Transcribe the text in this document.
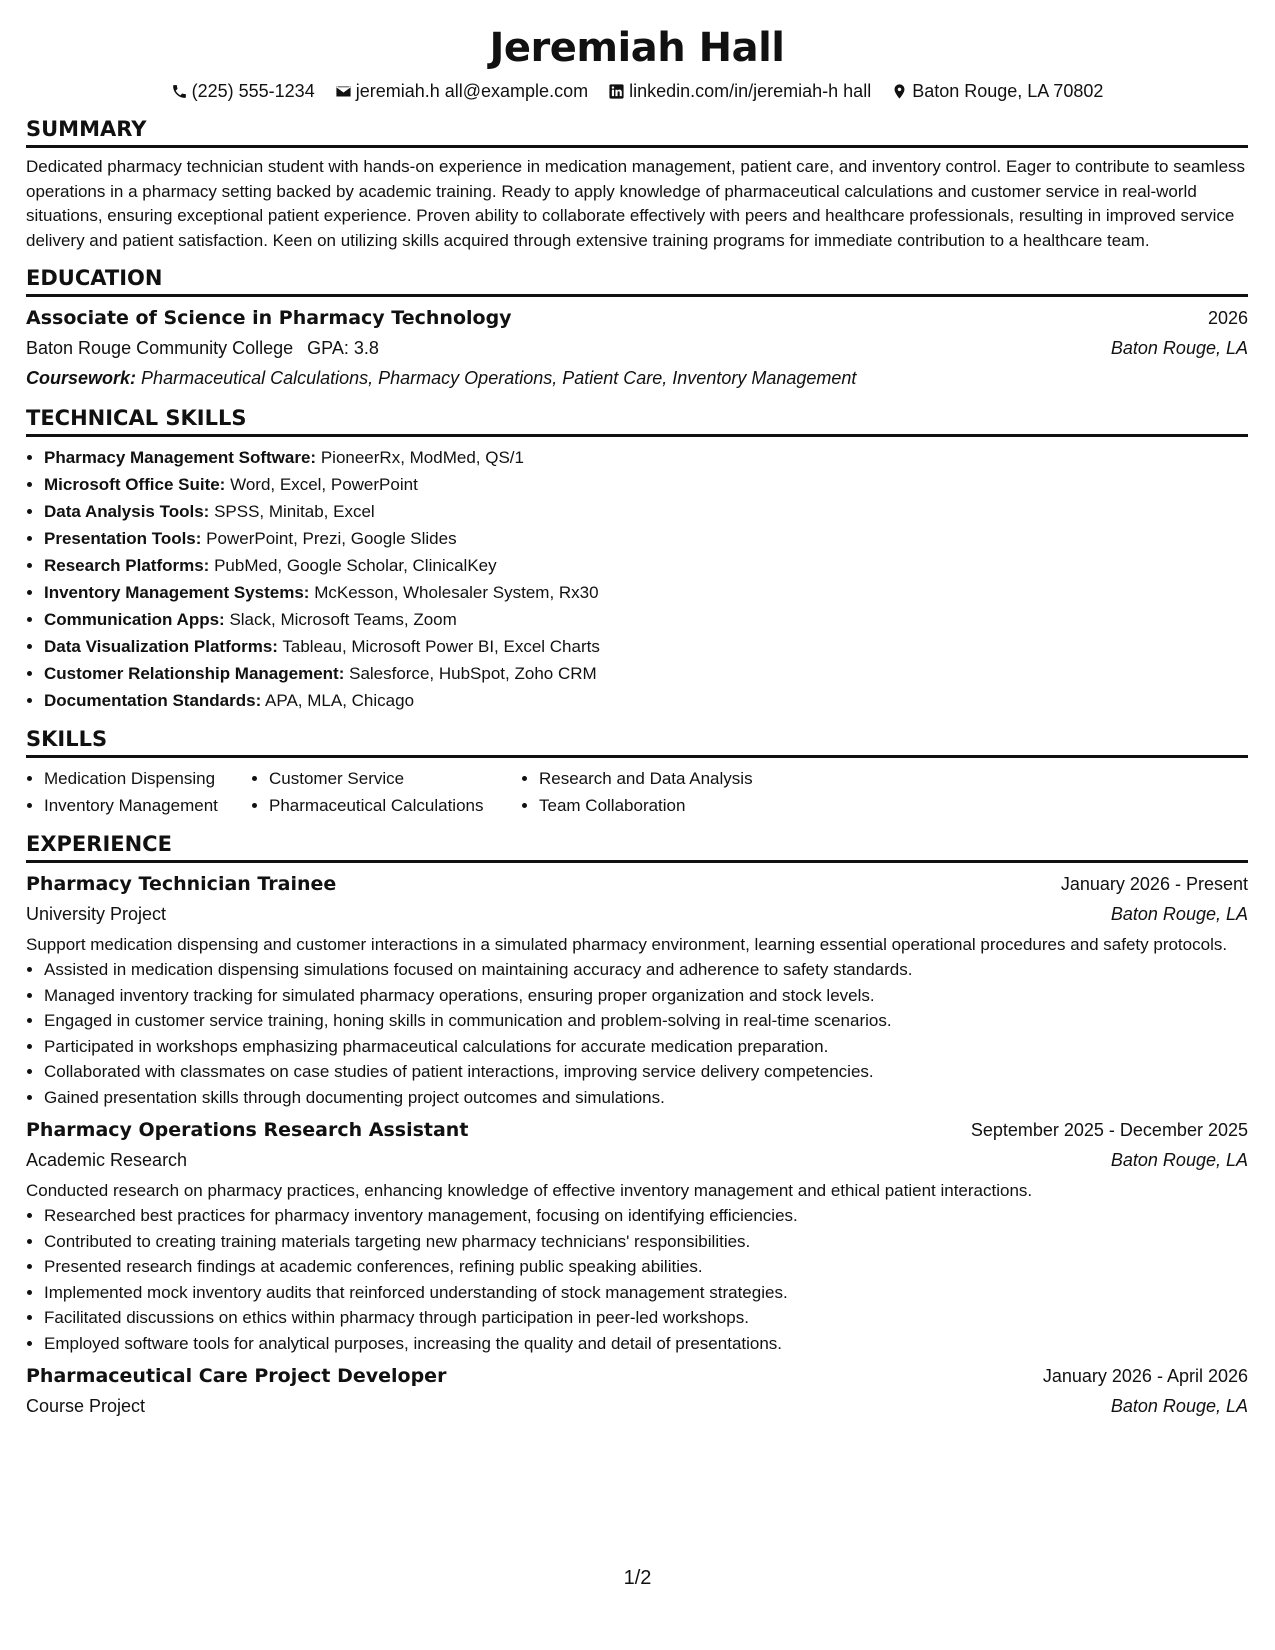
Jeremiah Hall
(225) 555-1234 jeremiah.h all@example.com linkedin.com/in/jeremiah-h hall Baton Rouge, LA 70802
SUMMARY
Dedicated pharmacy technician student with hands-on experience in medication management, patient care, and inventory control. Eager to contribute to seamless operations in a pharmacy setting backed by academic training. Ready to apply knowledge of pharmaceutical calculations and customer service in real-world situations, ensuring exceptional patient experience. Proven ability to collaborate effectively with peers and healthcare professionals, resulting in improved service delivery and patient satisfaction. Keen on utilizing skills acquired through extensive training programs for immediate contribution to a healthcare team.
EDUCATION
Associate of Science in Pharmacy Technology	2026
Baton Rouge Community College GPA: 3.8	Baton Rouge, LA
Coursework: Pharmaceutical Calculations, Pharmacy Operations, Patient Care, Inventory Management
TECHNICAL SKILLS
• Pharmacy Management Software: PioneerRx, ModMed, QS/1
• Microsoft Office Suite: Word, Excel, PowerPoint
• Data Analysis Tools: SPSS, Minitab, Excel
• Presentation Tools: PowerPoint, Prezi, Google Slides
• Research Platforms: PubMed, Google Scholar, ClinicalKey
• Inventory Management Systems: McKesson, Wholesaler System, Rx30
• Communication Apps: Slack, Microsoft Teams, Zoom
• Data Visualization Platforms: Tableau, Microsoft Power BI, Excel Charts
• Customer Relationship Management: Salesforce, HubSpot, Zoho CRM
• Documentation Standards: APA, MLA, Chicago
SKILLS
• Medication Dispensing
• Inventory Management
• Customer Service
• Pharmaceutical Calculations
• Research and Data Analysis
• Team Collaboration
EXPERIENCE
Pharmacy Technician Trainee	January 2026 - Present
University Project	Baton Rouge, LA
Support medication dispensing and customer interactions in a simulated pharmacy environment, learning essential operational procedures and safety protocols.
• Assisted in medication dispensing simulations focused on maintaining accuracy and adherence to safety standards.
• Managed inventory tracking for simulated pharmacy operations, ensuring proper organization and stock levels.
• Engaged in customer service training, honing skills in communication and problem-solving in real-time scenarios.
• Participated in workshops emphasizing pharmaceutical calculations for accurate medication preparation.
• Collaborated with classmates on case studies of patient interactions, improving service delivery competencies.
• Gained presentation skills through documenting project outcomes and simulations.
Pharmacy Operations Research Assistant	September 2025 - December 2025
Academic Research	Baton Rouge, LA
Conducted research on pharmacy practices, enhancing knowledge of effective inventory management and ethical patient interactions.
• Researched best practices for pharmacy inventory management, focusing on identifying efficiencies.
• Contributed to creating training materials targeting new pharmacy technicians' responsibilities.
• Presented research findings at academic conferences, refining public speaking abilities.
• Implemented mock inventory audits that reinforced understanding of stock management strategies.
• Facilitated discussions on ethics within pharmacy through participation in peer-led workshops.
• Employed software tools for analytical purposes, increasing the quality and detail of presentations.
Pharmaceutical Care Project Developer	January 2026 - April 2026
Course Project	Baton Rouge, LA
1/2
